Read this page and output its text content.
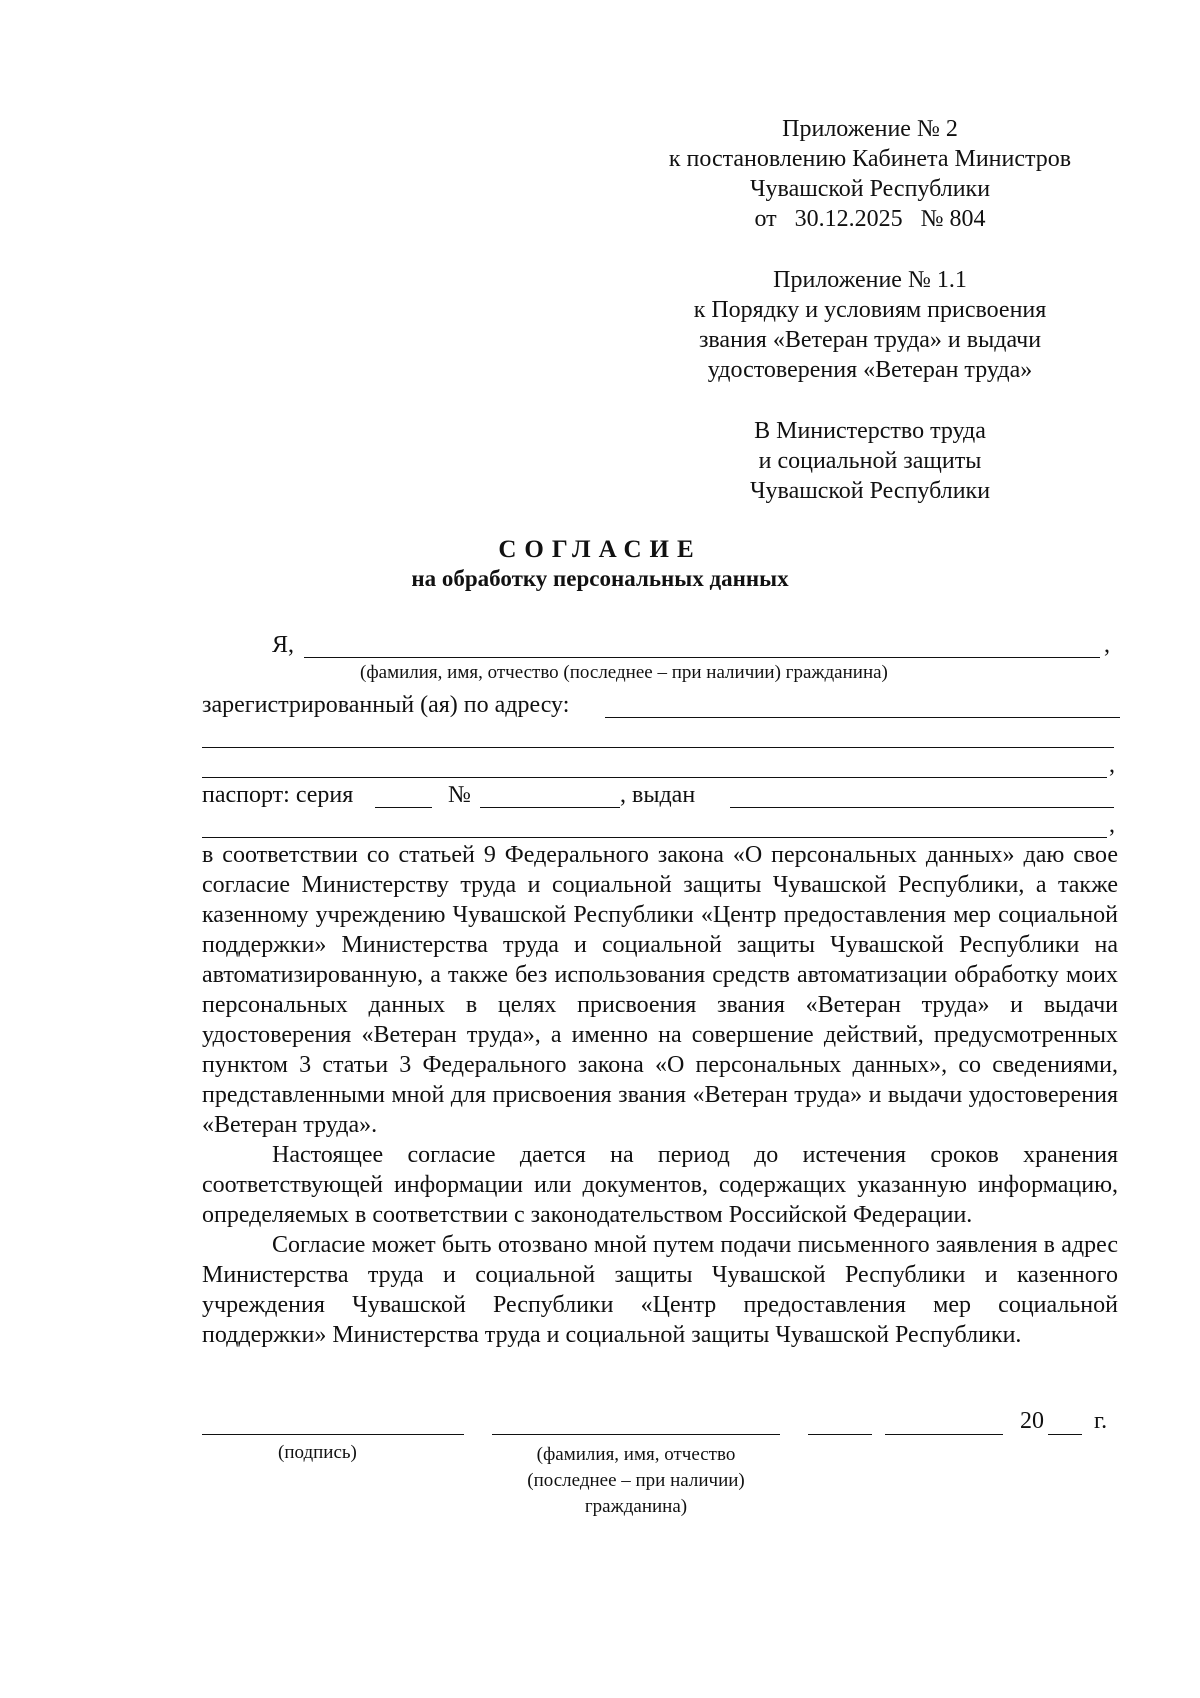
Приложение № 2
к постановлению Кабинета Министров
Чувашской Республики
от 30.12.2025 № 804
Приложение № 1.1
к Порядку и условиям присвоения
звания «Ветеран труда» и выдачи
удостоверения «Ветеран труда»
В Министерство труда
и социальной защиты
Чувашской Республики
СОГЛАСИЕ
на обработку персональных данных
Я,	,
(фамилия, имя, отчество (последнее – при наличии) гражданина)
зарегистрированный (ая) по адресу:
,
паспорт: серия	№	, выдан
,

в соответствии со статьей 9 Федерального закона «О персональных данных» даю свое согласие Министерству труда и социальной защиты Чувашской Республики, а также казенному учреждению Чувашской Республики «Центр предоставления мер социальной поддержки» Министерства труда и социальной защиты Чувашской Республики на автоматизированную, а также без использования средств автоматизации обработку моих персональных данных в целях присвоения звания «Ветеран труда» и выдачи удостоверения «Ветеран труда», а именно на совершение действий, предусмотренных пунктом 3 статьи 3 Федерального закона «О персональных данных», со сведениями, представленными мной для присвоения звания «Ветеран труда» и выдачи удостоверения «Ветеран труда».

Настоящее согласие дается на период до истечения сроков хранения соответствующей информации или документов, содержащих указанную информацию, определяемых в соответствии с законодательством Российской Федерации.

Согласие может быть отозвано мной путем подачи письменного заявления в адрес Министерства труда и социальной защиты Чувашской Республики и казенного учреждения Чувашской Республики «Центр предоставления мер социальной поддержки» Министерства труда и социальной защиты Чувашской Республики.

20 г.
(подпись)	(фамилия, имя, отчество
(последнее – при наличии)
гражданина)
